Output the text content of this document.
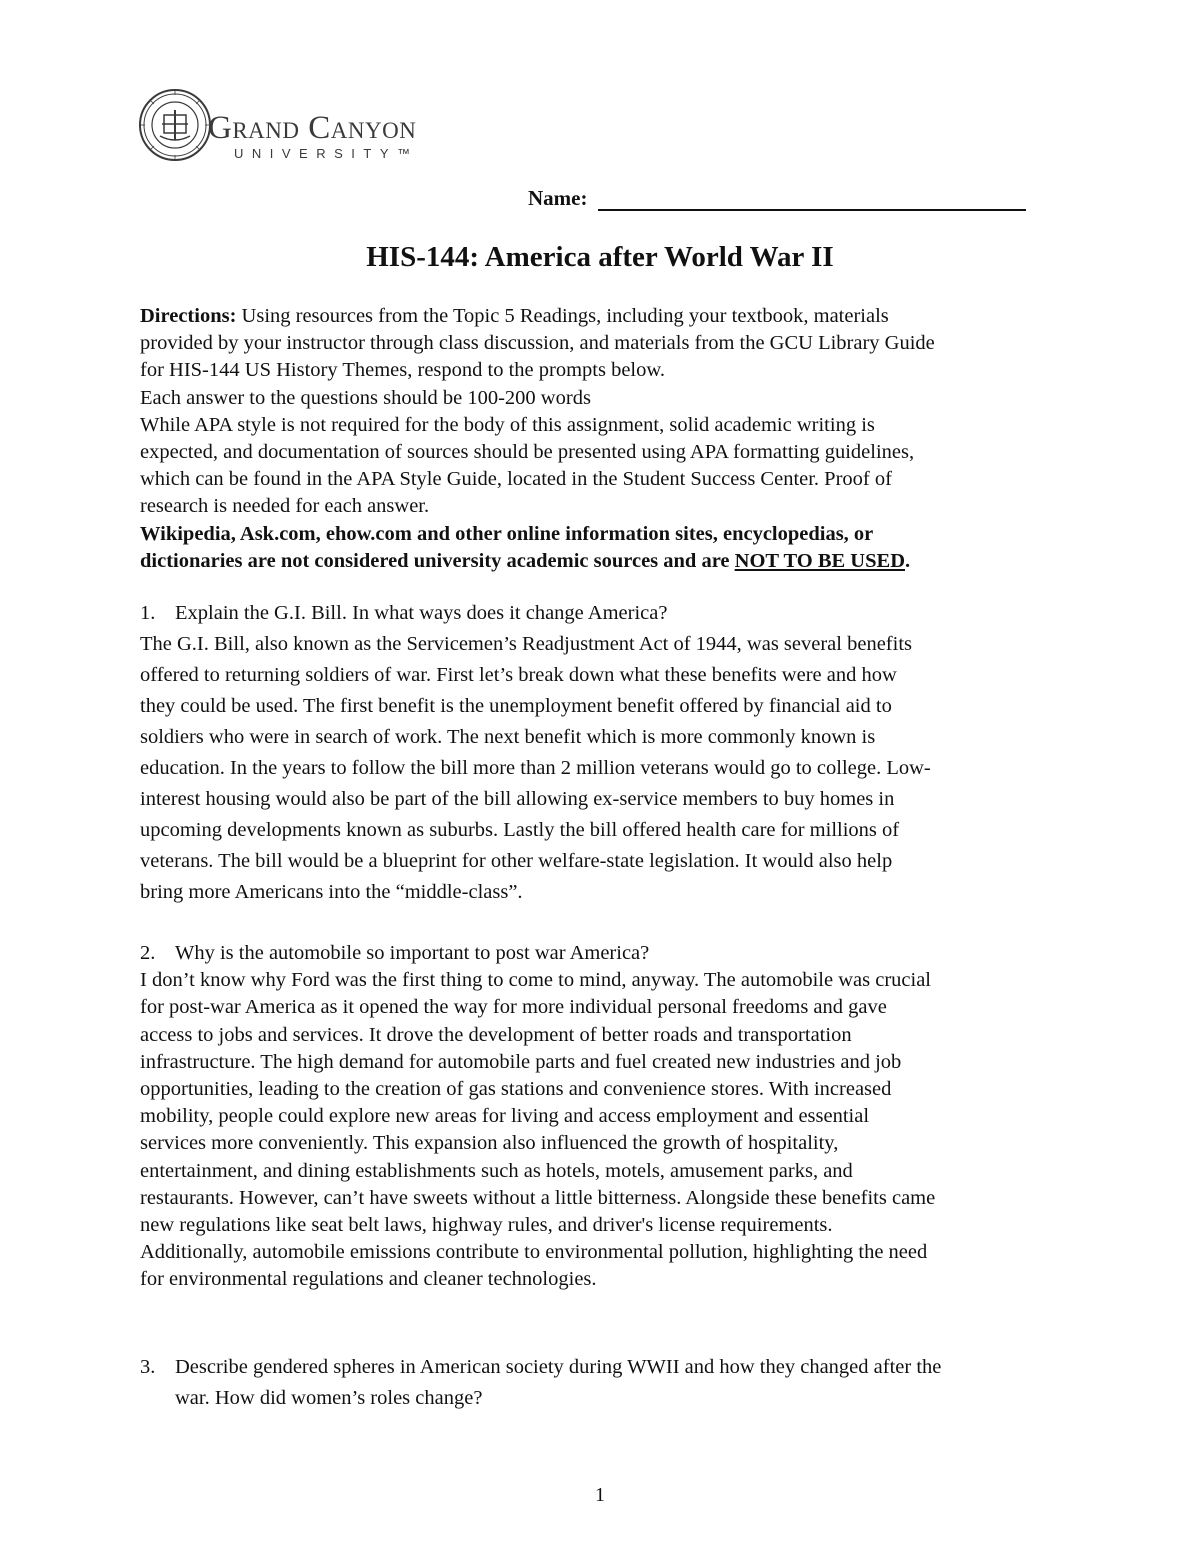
Grand Canyon
UNIVERSITY™
Name:
HIS-144: America after World War II
Directions: Using resources from the Topic 5 Readings, including your textbook, materials
provided by your instructor through class discussion, and materials from the GCU Library Guide
for HIS-144 US History Themes, respond to the prompts below.
Each answer to the questions should be 100-200 words
While APA style is not required for the body of this assignment, solid academic writing is
expected, and documentation of sources should be presented using APA formatting guidelines,
which can be found in the APA Style Guide, located in the Student Success Center. Proof of
research is needed for each answer.
Wikipedia, Ask.com, ehow.com and other online information sites, encyclopedias, or
dictionaries are not considered university academic sources and are NOT TO BE USED.
1. Explain the G.I. Bill. In what ways does it change America?
The G.I. Bill, also known as the Servicemen’s Readjustment Act of 1944, was several benefits
offered to returning soldiers of war. First let’s break down what these benefits were and how
they could be used. The first benefit is the unemployment benefit offered by financial aid to
soldiers who were in search of work. The next benefit which is more commonly known is
education. In the years to follow the bill more than 2 million veterans would go to college. Low-
interest housing would also be part of the bill allowing ex-service members to buy homes in
upcoming developments known as suburbs. Lastly the bill offered health care for millions of
veterans. The bill would be a blueprint for other welfare-state legislation. It would also help
bring more Americans into the “middle-class”.
2. Why is the automobile so important to post war America?
I don’t know why Ford was the first thing to come to mind, anyway. The automobile was crucial
for post-war America as it opened the way for more individual personal freedoms and gave
access to jobs and services. It drove the development of better roads and transportation
infrastructure. The high demand for automobile parts and fuel created new industries and job
opportunities, leading to the creation of gas stations and convenience stores. With increased
mobility, people could explore new areas for living and access employment and essential
services more conveniently. This expansion also influenced the growth of hospitality,
entertainment, and dining establishments such as hotels, motels, amusement parks, and
restaurants. However, can’t have sweets without a little bitterness. Alongside these benefits came
new regulations like seat belt laws, highway rules, and driver's license requirements.
Additionally, automobile emissions contribute to environmental pollution, highlighting the need
for environmental regulations and cleaner technologies.
3. Describe gendered spheres in American society during WWII and how they changed after the
war. How did women’s roles change?
1
